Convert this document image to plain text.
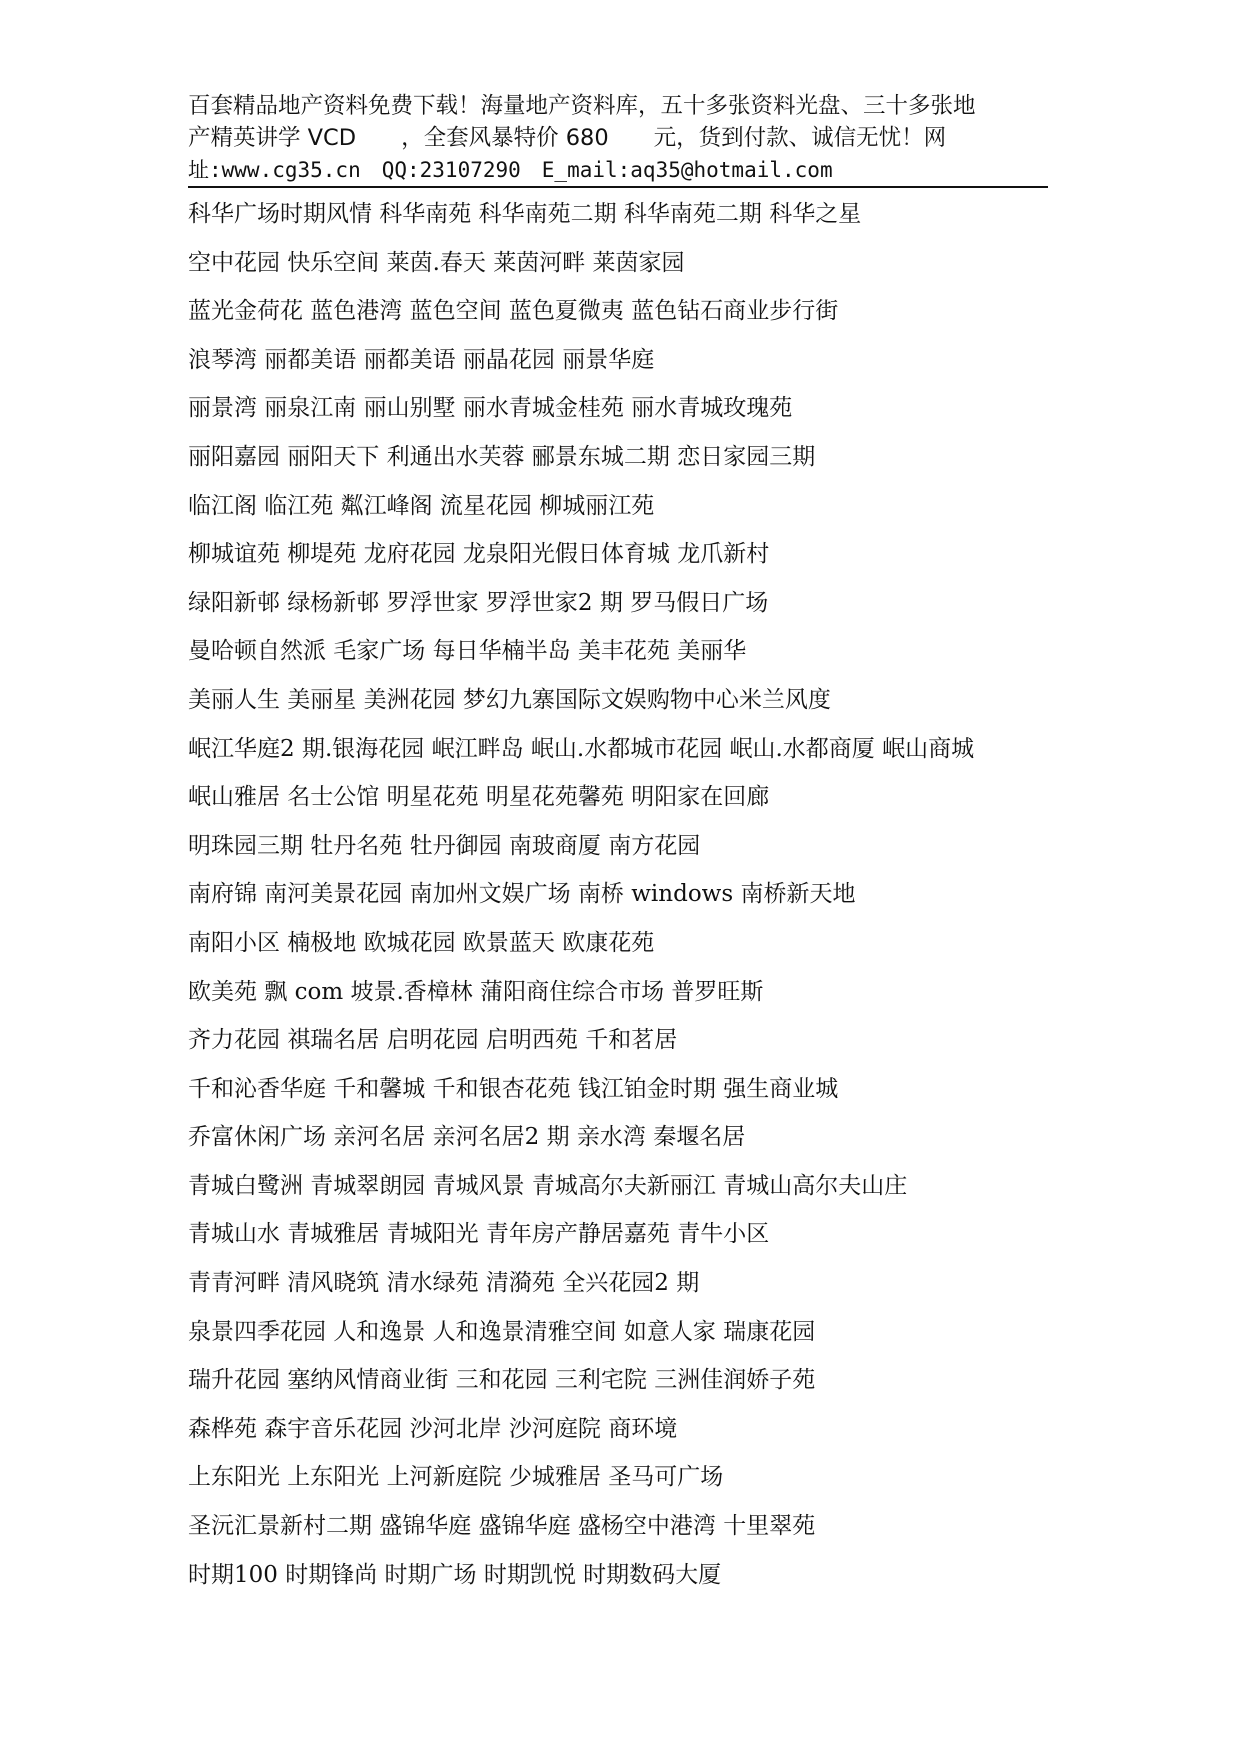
百套精品地产资料免费下载！海量地产资料库，五十多张资料光盘、三十多张地
产精英讲学 VCD　　，全套风暴特价 680　　元，货到付款、诚信无忧！网
址:www.cg35.cn　QQ:23107290　E_mail:aq35@hotmail.com
科华广场时期风情 科华南苑 科华南苑二期 科华南苑二期 科华之星
空中花园 快乐空间 莱茵.春天 莱茵河畔 莱茵家园
蓝光金荷花 蓝色港湾 蓝色空间 蓝色夏微夷 蓝色钻石商业步行街
浪琴湾 丽都美语 丽都美语 丽晶花园 丽景华庭
丽景湾 丽泉江南 丽山别墅 丽水青城金桂苑 丽水青城玫瑰苑
丽阳嘉园 丽阳天下 利通出水芙蓉 郦景东城二期 恋日家园三期
临江阁 临江苑 粼江峰阁 流星花园 柳城丽江苑
柳城谊苑 柳堤苑 龙府花园 龙泉阳光假日体育城 龙爪新村
绿阳新邨 绿杨新邨 罗浮世家 罗浮世家2 期 罗马假日广场
曼哈顿自然派 毛家广场 每日华楠半岛 美丰花苑 美丽华
美丽人生 美丽星 美洲花园 梦幻九寨国际文娱购物中心米兰风度
岷江华庭2 期.银海花园 岷江畔岛 岷山.水都城市花园 岷山.水都商厦 岷山商城
岷山雅居 名士公馆 明星花苑 明星花苑馨苑 明阳家在回廊
明珠园三期 牡丹名苑 牡丹御园 南玻商厦 南方花园
南府锦 南河美景花园 南加州文娱广场 南桥 windows 南桥新天地
南阳小区 楠极地 欧城花园 欧景蓝天 欧康花苑
欧美苑 飘 com 坡景.香樟林 蒲阳商住综合市场 普罗旺斯
齐力花园 祺瑞名居 启明花园 启明西苑 千和茗居
千和沁香华庭 千和馨城 千和银杏花苑 钱江铂金时期 强生商业城
乔富休闲广场 亲河名居 亲河名居2 期 亲水湾 秦堰名居
青城白鹭洲 青城翠朗园 青城风景 青城高尔夫新丽江 青城山高尔夫山庄
青城山水 青城雅居 青城阳光 青年房产静居嘉苑 青牛小区
青青河畔 清风晓筑 清水绿苑 清漪苑 全兴花园2 期
泉景四季花园 人和逸景 人和逸景清雅空间 如意人家 瑞康花园
瑞升花园 塞纳风情商业街 三和花园 三利宅院 三洲佳润娇子苑
森桦苑 森宇音乐花园 沙河北岸 沙河庭院 商环境
上东阳光 上东阳光 上河新庭院 少城雅居 圣马可广场
圣沅汇景新村二期 盛锦华庭 盛锦华庭 盛杨空中港湾 十里翠苑
时期100 时期锋尚 时期广场 时期凯悦 时期数码大厦
